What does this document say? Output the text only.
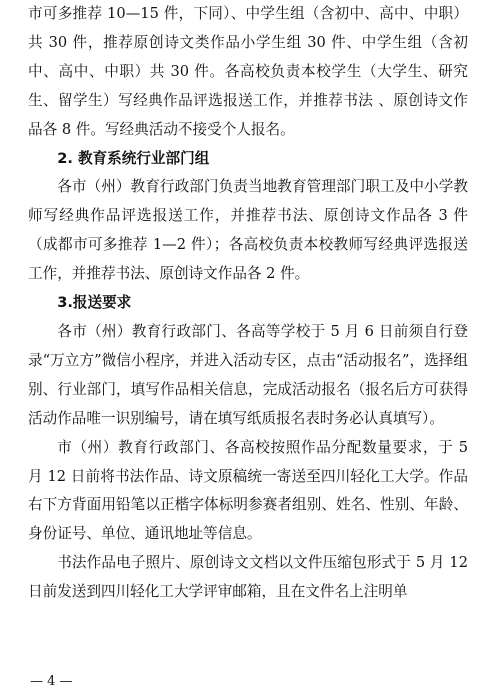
市可多推荐 10—15 件，下同）、中学生组（含初中、高中、中职）共 30 件，推荐原创诗文类作品小学生组 30 件、中学生组（含初中、高中、中职）共 30 件。各高校负责本校学生（大学生、研究生、留学生）写经典作品评选报送工作，并推荐书法 、原创诗文作品各 8 件。写经典活动不接受个人报名。

2. 教育系统行业部门组

各市（州）教育行政部门负责当地教育管理部门职工及中小学教师写经典作品评选报送工作，并推荐书法、原创诗文作品各 3 件（成都市可多推荐 1—2 件）；各高校负责本校教师写经典评选报送工作，并推荐书法、原创诗文作品各 2 件。

3.报送要求

各市（州）教育行政部门、各高等学校于 5 月 6 日前须自行登录“万立方”微信小程序，并进入活动专区，点击“活动报名”，选择组别、行业部门，填写作品相关信息，完成活动报名（报名后方可获得活动作品唯一识别编号，请在填写纸质报名表时务必认真填写）。

市（州）教育行政部门、各高校按照作品分配数量要求，于 5 月 12 日前将书法作品、诗文原稿统一寄送至四川轻化工大学。作品右下方背面用铅笔以正楷字体标明参赛者组别、姓名、性别、年龄、身份证号、单位、通讯地址等信息。

书法作品电子照片、原创诗文文档以文件压缩包形式于 5 月 12 日前发送到四川轻化工大学评审邮箱，且在文件名上注明单

— 4 —
